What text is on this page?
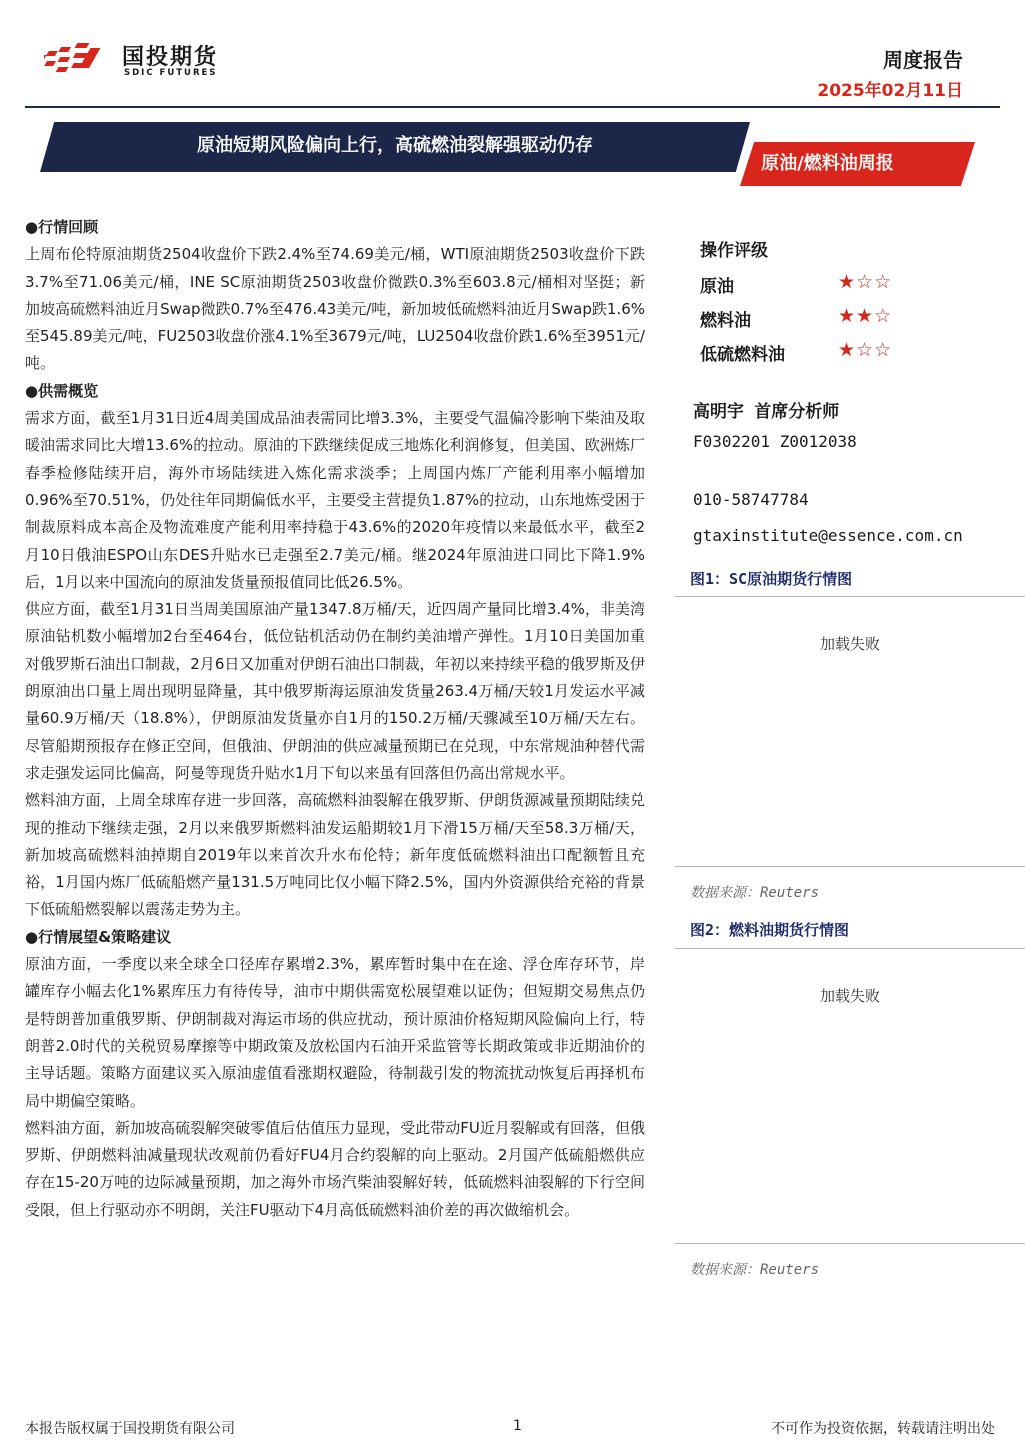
国投期货
SDIC FUTURES
周度报告
2025年02月11日
原油短期风险偏向上行，高硫燃油裂解强驱动仍存
原油/燃料油周报

●行情回顾

上周布伦特原油期货2504收盘价下跌2.4%至74.69美元/桶，WTI原油期货2503收盘价下跌3.7%至71.06美元/桶，INE SC原油期货2503收盘价微跌0.3%至603.8元/桶相对坚挺；新加坡高硫燃料油近月Swap微跌0.7%至476.43美元/吨，新加坡低硫燃料油近月Swap跌1.6%至545.89美元/吨，FU2503收盘价涨4.1%至3679元/吨，LU2504收盘价跌1.6%至3951元/吨。

●供需概览

需求方面，截至1月31日近4周美国成品油表需同比增3.3%，主要受气温偏冷影响下柴油及取暖油需求同比大增13.6%的拉动。原油的下跌继续促成三地炼化利润修复，但美国、欧洲炼厂春季检修陆续开启，海外市场陆续进入炼化需求淡季；上周国内炼厂产能利用率小幅增加0.96%至70.51%，仍处往年同期偏低水平，主要受主营提负1.87%的拉动，山东地炼受困于制裁原料成本高企及物流难度产能利用率持稳于43.6%的2020年疫情以来最低水平，截至2月10日俄油ESPO山东DES升贴水已走强至2.7美元/桶。继2024年原油进口同比下降1.9%后，1月以来中国流向的原油发货量预报值同比低26.5%。

供应方面，截至1月31日当周美国原油产量1347.8万桶/天，近四周产量同比增3.4%，非美湾原油钻机数小幅增加2台至464台，低位钻机活动仍在制约美油增产弹性。1月10日美国加重对俄罗斯石油出口制裁，2月6日又加重对伊朗石油出口制裁，年初以来持续平稳的俄罗斯及伊朗原油出口量上周出现明显降量，其中俄罗斯海运原油发货量263.4万桶/天较1月发运水平减量60.9万桶/天（18.8%），伊朗原油发货量亦自1月的150.2万桶/天骤减至10万桶/天左右。尽管船期预报存在修正空间，但俄油、伊朗油的供应减量预期已在兑现，中东常规油种替代需求走强发运同比偏高，阿曼等现货升贴水1月下旬以来虽有回落但仍高出常规水平。

燃料油方面，上周全球库存进一步回落，高硫燃料油裂解在俄罗斯、伊朗货源减量预期陆续兑现的推动下继续走强，2月以来俄罗斯燃料油发运船期较1月下滑15万桶/天至58.3万桶/天，新加坡高硫燃料油掉期自2019年以来首次升水布伦特；新年度低硫燃料油出口配额暂且充裕，1月国内炼厂低硫船燃产量131.5万吨同比仅小幅下降2.5%，国内外资源供给充裕的背景下低硫船燃裂解以震荡走势为主。

●行情展望&策略建议

原油方面，一季度以来全球全口径库存累增2.3%，累库暂时集中在在途、浮仓库存环节，岸罐库存小幅去化1%累库压力有待传导，油市中期供需宽松展望难以证伪；但短期交易焦点仍是特朗普加重俄罗斯、伊朗制裁对海运市场的供应扰动，预计原油价格短期风险偏向上行，特朗普2.0时代的关税贸易摩擦等中期政策及放松国内石油开采监管等长期政策或非近期油价的主导话题。策略方面建议买入原油虚值看涨期权避险，待制裁引发的物流扰动恢复后再择机布局中期偏空策略。

燃料油方面，新加坡高硫裂解突破零值后估值压力显现，受此带动FU近月裂解或有回落，但俄罗斯、伊朗燃料油减量现状改观前仍看好FU4月合约裂解的向上驱动。2月国产低硫船燃供应存在15-20万吨的边际减量预期，加之海外市场汽柴油裂解好转，低硫燃料油裂解的下行空间受限，但上行驱动亦不明朗，关注FU驱动下4月高低硫燃料油价差的再次做缩机会。

操作评级
原油	★☆☆
燃料油	★★☆
低硫燃料油	★☆☆
高明宇 首席分析师
F0302201 Z0012038
010-58747784
gtaxinstitute@essence.com.cn
图1：SC原油期货行情图
加载失败
数据来源：Reuters
图2：燃料油期货行情图
加载失败
数据来源：Reuters
本报告版权属于国投期货有限公司	1	不可作为投资依据，转载请注明出处
